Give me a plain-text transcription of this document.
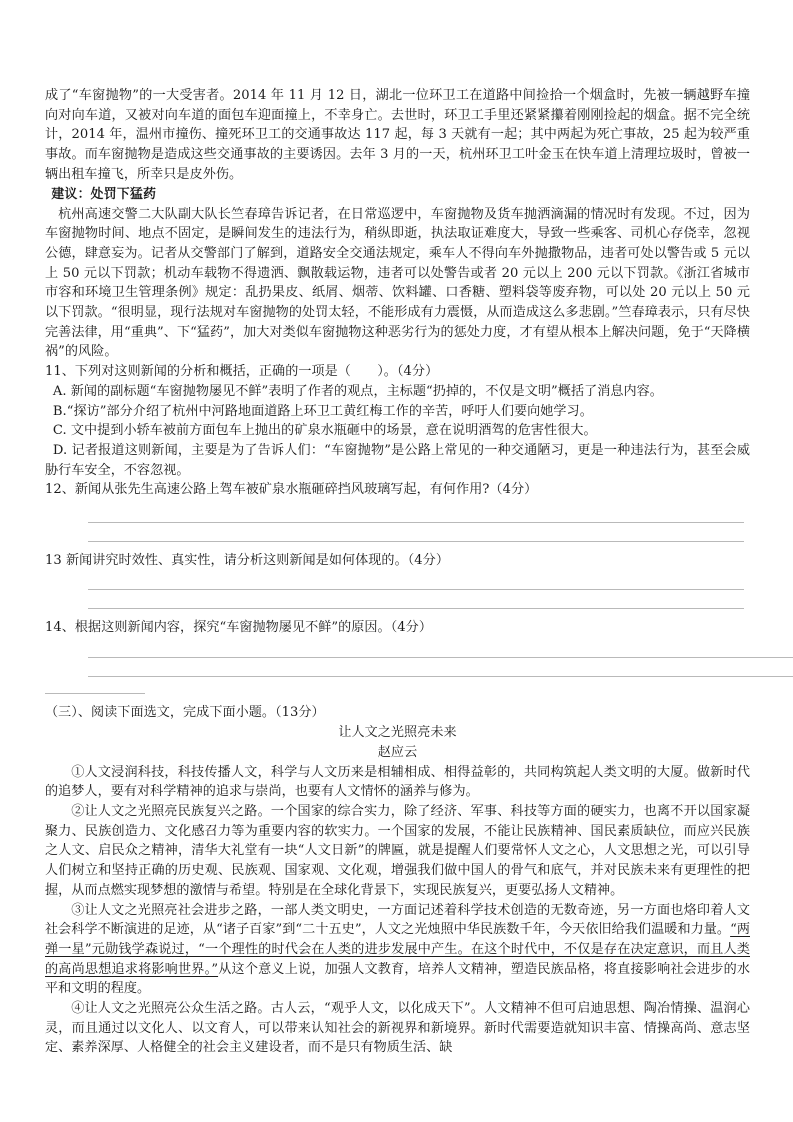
成了“车窗抛物”的一大受害者。2014 年 11 月 12 日，湖北一位环卫工在道路中间捡拾一个烟盒时，先被一辆越野车撞向对向车道，又被对向车道的面包车迎面撞上，不幸身亡。去世时，环卫工手里还紧紧攥着刚刚捡起的烟盒。据不完全统计，2014 年，温州市撞伤、撞死环卫工的交通事故达 117 起，每 3 天就有一起；其中两起为死亡事故，25 起为较严重事故。而车窗抛物是造成这些交通事故的主要诱因。去年 3 月的一天，杭州环卫工叶金玉在快车道上清理垃圾时，曾被一辆出租车撞飞，所幸只是皮外伤。

建议：处罚下猛药

杭州高速交警二大队副大队长竺春璋告诉记者，在日常巡逻中，车窗抛物及货车抛洒滴漏的情况时有发现。不过，因为车窗抛物时间、地点不固定，是瞬间发生的违法行为，稍纵即逝，执法取证难度大，导致一些乘客、司机心存侥幸，忽视公德，肆意妄为。记者从交警部门了解到，道路安全交通法规定，乘车人不得向车外抛撒物品，违者可处以警告或 5 元以上 50 元以下罚款；机动车载物不得遗洒、飘散载运物，违者可以处警告或者 20 元以上 200 元以下罚款。《浙江省城市市容和环境卫生管理条例》规定：乱扔果皮、纸屑、烟蒂、饮料罐、口香糖、塑料袋等废弃物，可以处 20 元以上 50 元以下罚款。“很明显，现行法规对车窗抛物的处罚太轻，不能形成有力震慑，从而造成这么多悲剧。”竺春璋表示，只有尽快完善法律，用“重典”、下“猛药”，加大对类似车窗抛物这种恶劣行为的惩处力度，才有望从根本上解决问题，免于“天降横祸”的风险。

11、下列对这则新闻的分析和概括，正确的一项是（　　）。（4分）

A. 新闻的副标题“车窗抛物屡见不鲜”表明了作者的观点，主标题“扔掉的，不仅是文明”概括了消息内容。

B.“探访”部分介绍了杭州中河路地面道路上环卫工黄红梅工作的辛苦，呼吁人们要向她学习。

C. 文中提到小轿车被前方面包车上抛出的矿泉水瓶砸中的场景，意在说明酒驾的危害性很大。

D. 记者报道这则新闻，主要是为了告诉人们：“车窗抛物”是公路上常见的一种交通陋习，更是一种违法行为，甚至会威胁行车安全，不容忽视。

12、新闻从张先生高速公路上驾车被矿泉水瓶砸碎挡风玻璃写起，有何作用?（4分）

13 新闻讲究时效性、真实性，请分析这则新闻是如何体现的。（4分）

14、根据这则新闻内容，探究“车窗抛物屡见不鲜”的原因。（4分）

（三）、阅读下面选文，完成下面小题。（13分）

让人文之光照亮未来

赵应云

①人文浸润科技，科技传播人文，科学与人文历来是相辅相成、相得益彰的，共同构筑起人类文明的大厦。做新时代的追梦人，要有对科学精神的追求与崇尚，也要有人文情怀的涵养与修为。

②让人文之光照亮民族复兴之路。一个国家的综合实力，除了经济、军事、科技等方面的硬实力，也离不开以国家凝聚力、民族创造力、文化感召力等为重要内容的软实力。一个国家的发展，不能让民族精神、国民素质缺位，而应兴民族之人文、启民众之精神，清华大礼堂有一块“人文日新”的牌匾，就是提醒人们要常怀人文之心，人文思想之光，可以引导人们树立和坚持正确的历史观、民族观、国家观、文化观，增强我们做中国人的骨气和底气，并对民族未来有更理性的把握，从而点燃实现梦想的激情与希望。特别是在全球化背景下，实现民族复兴，更要弘扬人文精神。

③让人文之光照亮社会进步之路，一部人类文明史，一方面记述着科学技术创造的无数奇迹，另一方面也烙印着人文社会科学不断演进的足迹，从“诸子百家”到“二十五史”，人文之光烛照中华民族数千年，今天依旧给我们温暖和力量。“两弹一星”元勋钱学森说过，“一个理性的时代会在人类的进步发展中产生。在这个时代中，不仅是存在决定意识，而且人类的高尚思想追求将影响世界。”从这个意义上说，加强人文教育，培养人文精神，塑造民族品格，将直接影响社会进步的水平和文明的程度。

④让人文之光照亮公众生活之路。古人云，“观乎人文，以化成天下”。人文精神不但可启迪思想、陶冶情操、温润心灵，而且通过以文化人、以文育人，可以带来认知社会的新视界和新境界。新时代需要造就知识丰富、情操高尚、意志坚定、素养深厚、人格健全的社会主义建设者，而不是只有物质生活、缺
